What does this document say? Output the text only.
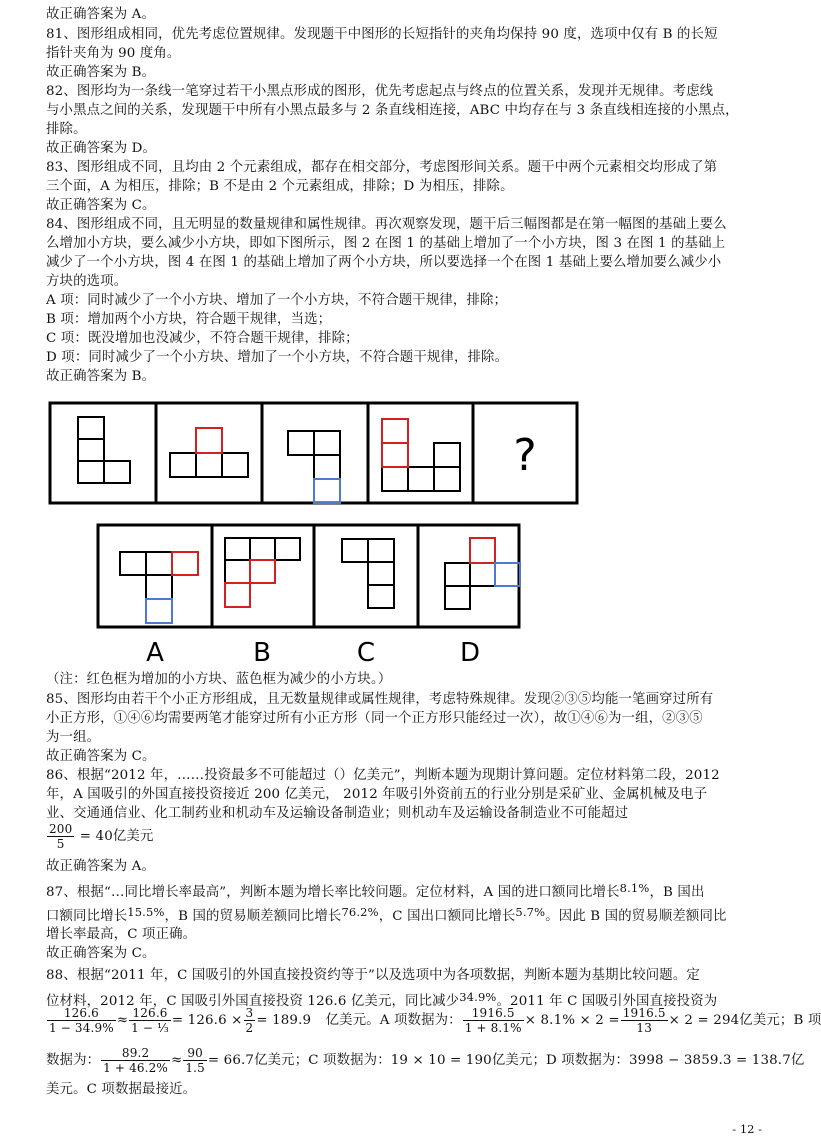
故正确答案为 A。
81、图形组成相同，优先考虑位置规律。发现题干中图形的长短指针的夹角均保持 90 度，选项中仅有 B 的长短
指针夹角为 90 度角。
故正确答案为 B。
82、图形均为一条线一笔穿过若干小黑点形成的图形，优先考虑起点与终点的位置关系，发现并无规律。考虑线
与小黑点之间的关系，发现题干中所有小黑点最多与 2 条直线相连接，ABC 中均存在与 3 条直线相连接的小黑点，
排除。
故正确答案为 D。
83、图形组成不同，且均由 2 个元素组成，都存在相交部分，考虑图形间关系。题干中两个元素相交均形成了第
三个面，A 为相压，排除；B 不是由 2 个元素组成，排除；D 为相压，排除。
故正确答案为 C。
84、图形组成不同，且无明显的数量规律和属性规律。再次观察发现，题干后三幅图都是在第一幅图的基础上要么
么增加小方块，要么减少小方块，即如下图所示，图 2 在图 1 的基础上增加了一个小方块，图 3 在图 1 的基础上
减少了一个小方块，图 4 在图 1 的基础上增加了两个小方块，所以要选择一个在图 1 基础上要么增加要么减少小
方块的选项。
A 项：同时减少了一个小方块、增加了一个小方块，不符合题干规律，排除；
B 项：增加两个小方块，符合题干规律，当选；
C 项：既没增加也没减少，不符合题干规律，排除；
D 项：同时减少了一个小方块、增加了一个小方块，不符合题干规律，排除。
故正确答案为 B。
?
A	B	C	D
（注：红色框为增加的小方块、蓝色框为减少的小方块。）
85、图形均由若干个小正方形组成，且无数量规律或属性规律，考虑特殊规律。发现②③⑤均能一笔画穿过所有
小正方形，①④⑥均需要两笔才能穿过所有小正方形（同一个正方形只能经过一次），故①④⑥为一组，②③⑤
为一组。
故正确答案为 C。
86、根据“2012 年，……投资最多不可能超过（）亿美元”，判断本题为现期计算问题。定位材料第二段，2012
年，A 国吸引的外国直接投资接近 200 亿美元， 2012 年吸引外资前五的行业分别是采矿业、金属机械及电子
业、交通通信业、化工制药业和机动车及运输设备制造业；则机动车及运输设备制造业不可能超过
$\frac{200}{5} = 40$亿美元
故正确答案为 A。
87、根据“…同比增长率最高”，判断本题为增长率比较问题。定位材料，A 国的进口额同比增长8.1%，B 国出
口额同比增长15.5%，B 国的贸易顺差额同比增长76.2%，C 国出口额同比增长5.7%。因此 B 国的贸易顺差额同比
增长率最高，C 项正确。
故正确答案为 C。
88、根据“2011 年，C 国吸引的外国直接投资约等于”以及选项中为各项数据，判断本题为基期比较问题。定
位材料，2012 年，C 国吸引外国直接投资 126.6 亿美元，同比减少34.9%。2011 年 C 国吸引外国直接投资为
$\frac{126.6}{1 - 34.9\%} \approx \frac{126.6}{\text{1 − ⅓}} = 126.6 \times \frac{3}{2} = 189.9$ 亿美元。A 项数据为： $\frac{1916.5}{1 + 8.1\%} \times 8.1\% \times 2 = \frac{1916.5}{13} \times 2 = 294$亿美元；B 项
数据为： $\frac{89.2}{1 + 46.2\%} \approx \frac{90}{1.5} = 66.7$亿美元；C 项数据为：19 × 10 = 190亿美元；D 项数据为：3998 − 3859.3 = 138.7亿
美元。C 项数据最接近。
- 12 -
